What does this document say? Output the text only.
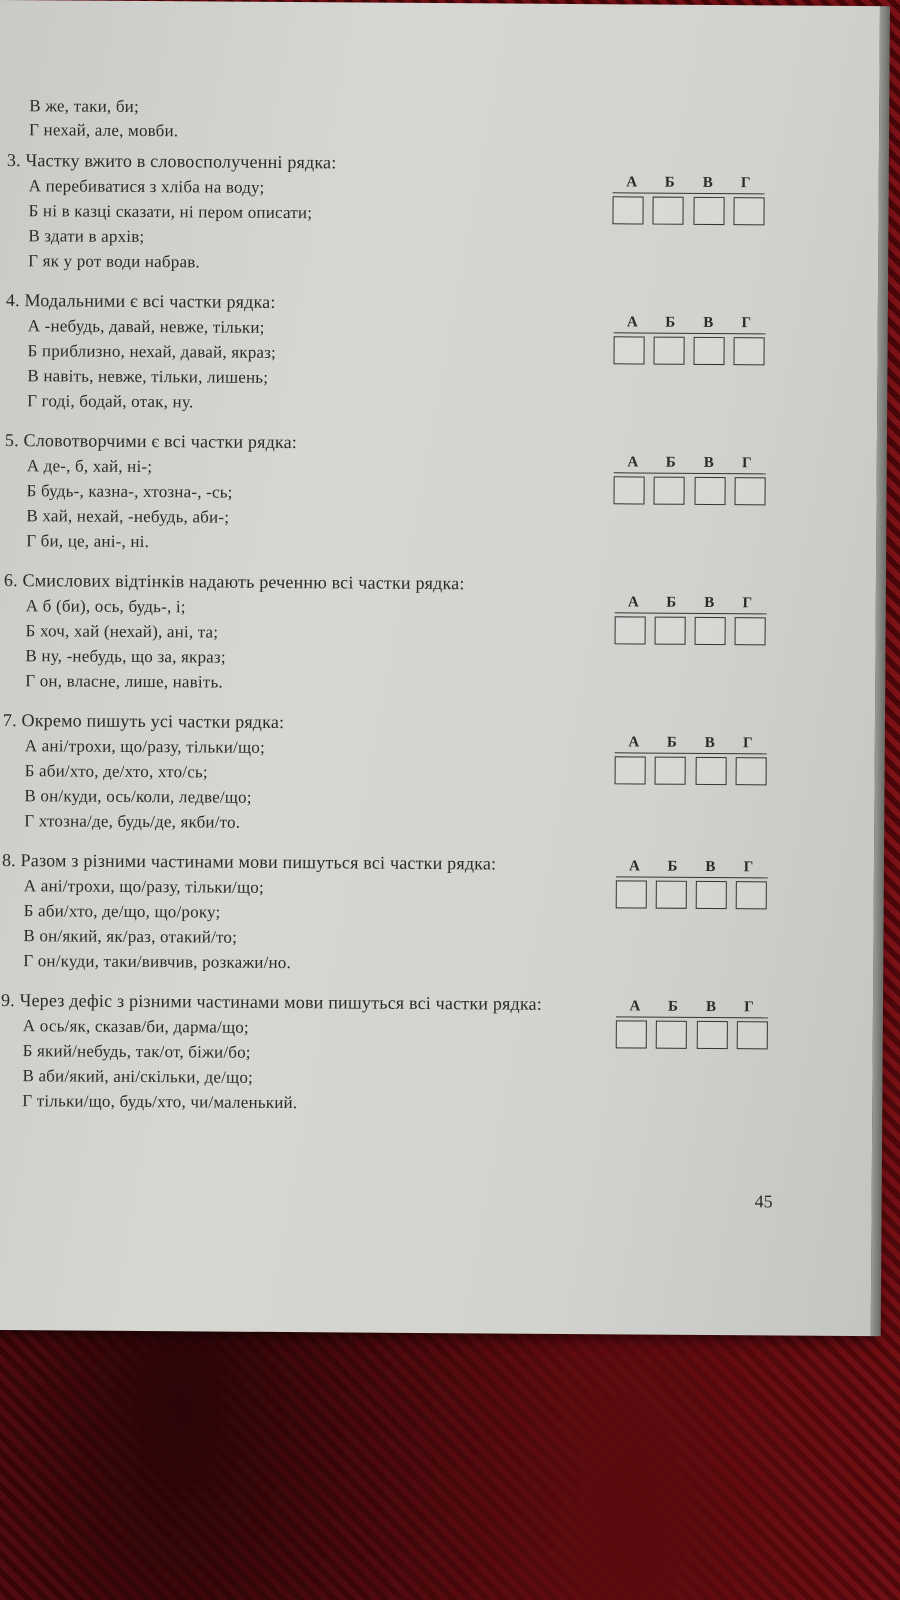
В же, таки, би;
Г нехай, але, мовби.
3. Частку вжито в словосполученні рядка:
А перебиватися з хліба на воду;
Б ні в казці сказати, ні пером описати;
В здати в архів;
Г як у рот води набрав.
А	Б	В	Г
4. Модальними є всі частки рядка:
А -небудь, давай, невже, тільки;
Б приблизно, нехай, давай, якраз;
В навіть, невже, тільки, лишень;
Г годі, бодай, отак, ну.
А	Б	В	Г
5. Словотворчими є всі частки рядка:
А де-, б, хай, ні-;
Б будь-, казна-, хтозна-, -сь;
В хай, нехай, -небудь, аби-;
Г би, це, ані-, ні.
А	Б	В	Г
6. Смислових відтінків надають реченню всі частки рядка:
А б (би), ось, будь-, і;
Б хоч, хай (нехай), ані, та;
В ну, -небудь, що за, якраз;
Г он, власне, лише, навіть.
А	Б	В	Г
7. Окремо пишуть усі частки рядка:
А ані/трохи, що/разу, тільки/що;
Б аби/хто, де/хто, хто/сь;
В он/куди, ось/коли, ледве/що;
Г хтозна/де, будь/де, якби/то.
А	Б	В	Г
8. Разом з різними частинами мови пишуться всі частки рядка:
А ані/трохи, що/разу, тільки/що;
Б аби/хто, де/що, що/року;
В он/який, як/раз, отакий/то;
Г он/куди, таки/вивчив, розкажи/но.
А	Б	В	Г
9. Через дефіс з різними частинами мови пишуться всі частки рядка:
А ось/як, сказав/би, дарма/що;
Б який/небудь, так/от, біжи/бо;
В аби/який, ані/скільки, де/що;
Г тільки/що, будь/хто, чи/маленький.
А	Б	В	Г
45
